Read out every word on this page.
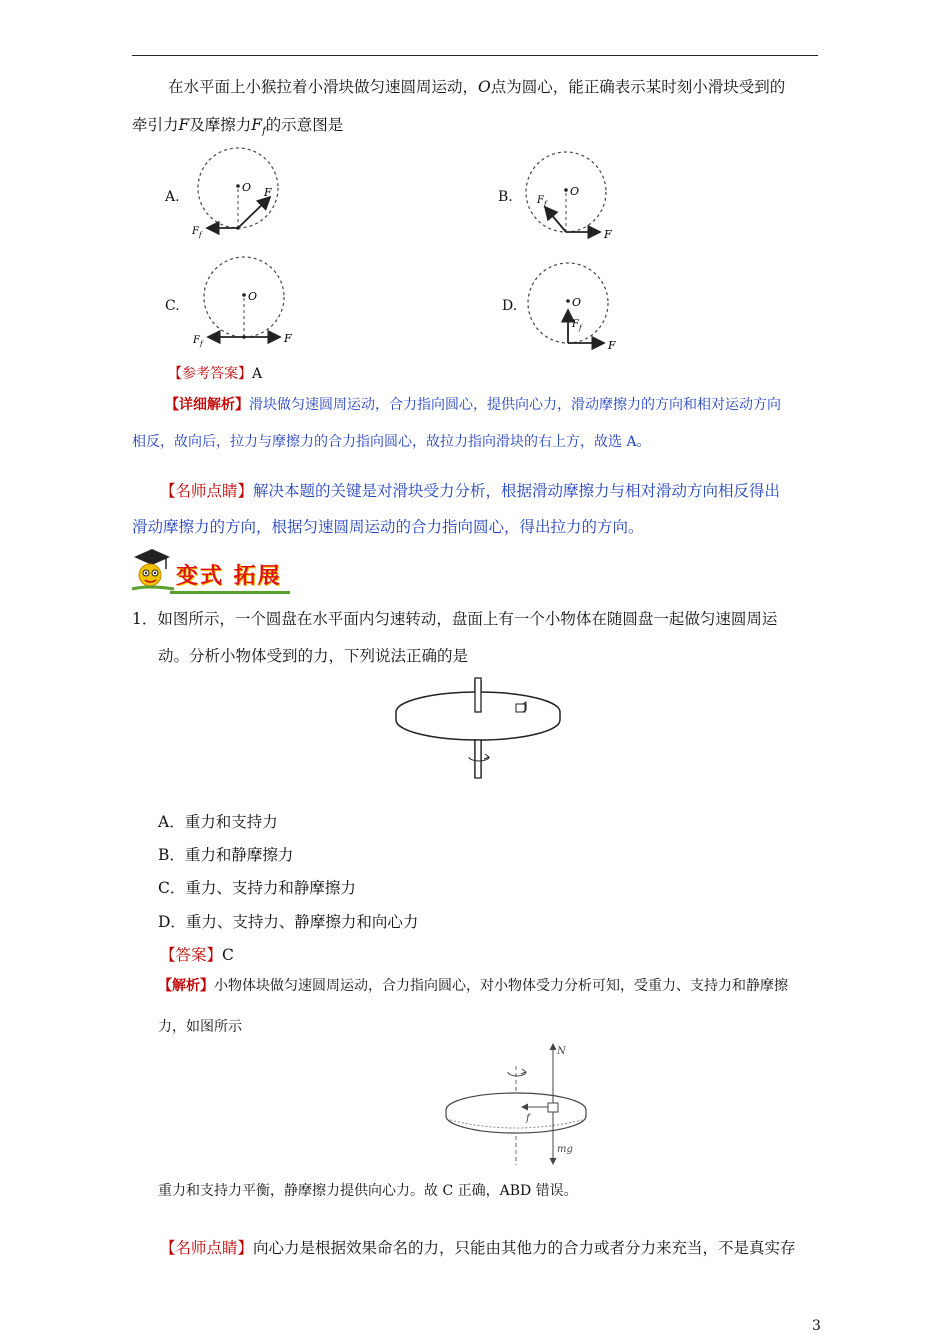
在水平面上小猴拉着小滑块做匀速圆周运动，O点为圆心，能正确表示某时刻小滑块受到的
牵引力F及摩擦力$F_f$的示意图是
A.	B.
C.	D.
O F
F f
O
F
F f
O
F
F f
O
F
F f
【参考答案】A
【详细解析】滑块做匀速圆周运动，合力指向圆心，提供向心力，滑动摩擦力的方向和相对运动方向
相反，故向后，拉力与摩擦力的合力指向圆心，故拉力指向滑块的右上方，故选 A。
【名师点睛】解决本题的关键是对滑块受力分析，根据滑动摩擦力与相对滑动方向相反得出
滑动摩擦力的方向，根据匀速圆周运动的合力指向圆心，得出拉力的方向。
变式 拓展
1．如图所示，一个圆盘在水平面内匀速转动，盘面上有一个小物体在随圆盘一起做匀速圆周运
动。分析小物体受到的力，下列说法正确的是
A．重力和支持力
B．重力和静摩擦力
C．重力、支持力和静摩擦力
D．重力、支持力、静摩擦力和向心力
【答案】C
【解析】小物体块做匀速圆周运动，合力指向圆心，对小物体受力分析可知，受重力、支持力和静摩擦
力，如图所示
N
f
mg
重力和支持力平衡，静摩擦力提供向心力。故 C 正确，ABD 错误。
【名师点睛】向心力是根据效果命名的力，只能由其他力的合力或者分力来充当，不是真实存
3
